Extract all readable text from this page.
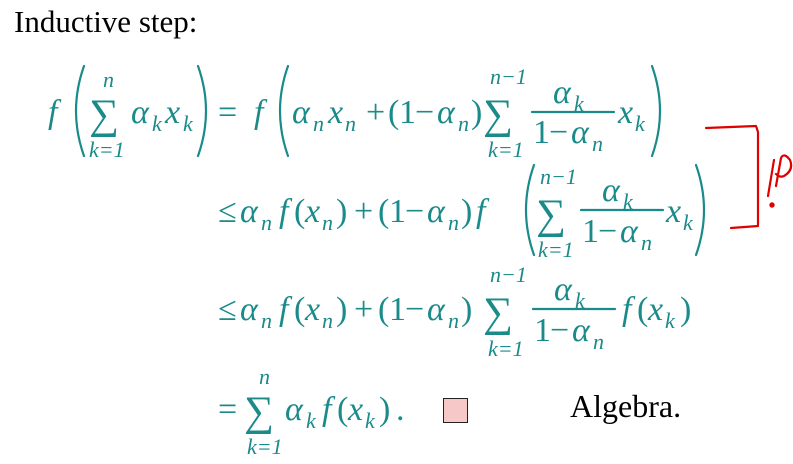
Inductive step:
f ∑
n
k=1
α k x k = f α n x n + ( 1 − α n ) ∑
n−1
k=1
α k
1 − α n
x k
≤ α n f ( x n ) + ( 1 − α n ) f ∑
n−1
k=1
α k
1 − α n
x k
≤ α n f ( x n ) + ( 1 − α n ) ∑
n−1
k=1
α k
1 − α n
f ( x k )
= ∑
n
k=1
α k f ( x k ) .	Algebra.
